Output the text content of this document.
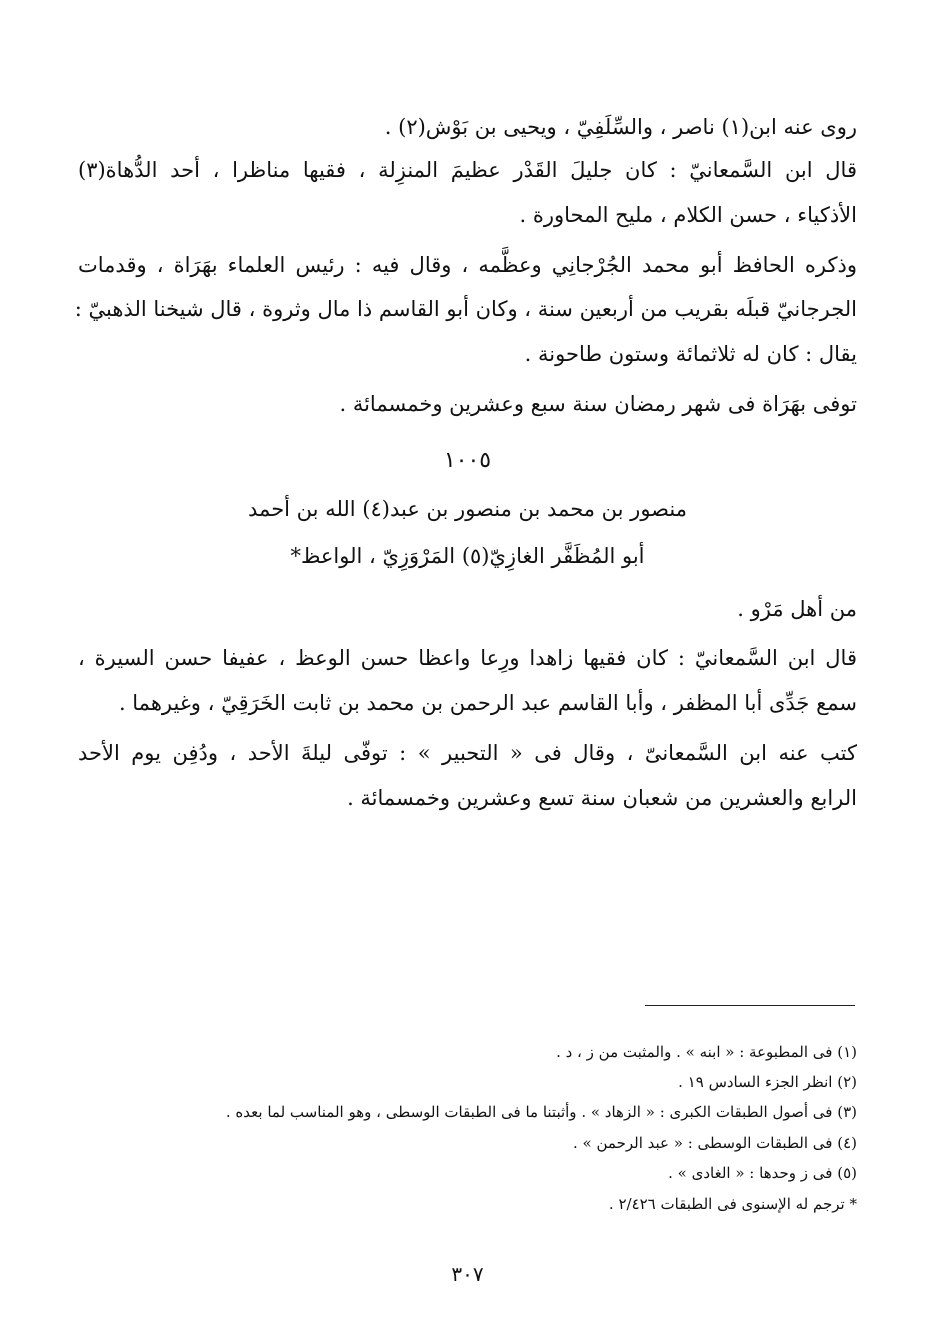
روى عنه ابن(١) ناصر ، والسِّلَفِيّ ، ويحيى بن بَوْش(٢) .
قال ابن السَّمعانيّ : كان جليلَ القَدْر عظيمَ المنزِلة ، فقيها مناظرا ، أحد الدُّهاة(٣)
الأذكياء ، حسن الكلام ، مليح المحاورة .
وذكره الحافظ أبو محمد الجُرْجانِي وعظَّمه ، وقال فيه : رئيس العلماء بهَرَاة ، وقدمات
الجرجانيّ قبلَه بقريب من أربعين سنة ، وكان أبو القاسم ذا مال وثروة ، قال شيخنا الذهبيّ :
يقال : كان له ثلاثمائة وستون طاحونة .
توفى بهَرَاة فى شهر رمضان سنة سبع وعشرين وخمسمائة .
١٠٠٥
منصور بن محمد بن منصور بن عبد(٤) الله بن أحمد
أبو المُظَفَّر الغازِيّ(٥) المَرْوَزِيّ ، الواعظ*
من أهل مَرْو .
قال ابن السَّمعانيّ : كان فقيها زاهدا ورِعا واعظا حسن الوعظ ، عفيفا حسن السيرة ،
سمع جَدِّى أبا المظفر ، وأبا القاسم عبد الرحمن بن محمد بن ثابت الخَرَقِيّ ، وغيرهما .
كتب عنه ابن السَّمعانىّ ، وقال فى « التحبير » : توفّى ليلةَ الأحد ، ودُفِن يوم الأحد
الرابع والعشرين من شعبان سنة تسع وعشرين وخمسمائة .
(١) فى المطبوعة : « ابنه » . والمثبت من ز ، د .
(٢) انظر الجزء السادس ١٩ .
(٣) فى أصول الطبقات الكبرى : « الزهاد » . وأثبتنا ما فى الطبقات الوسطى ، وهو المناسب لما بعده .
(٤) فى الطبقات الوسطى : « عبد الرحمن » .
(٥) فى ز وحدها : « الغادى » .
* ترجم له الإسنوى فى الطبقات ٢/٤٢٦ .
٣٠٧
